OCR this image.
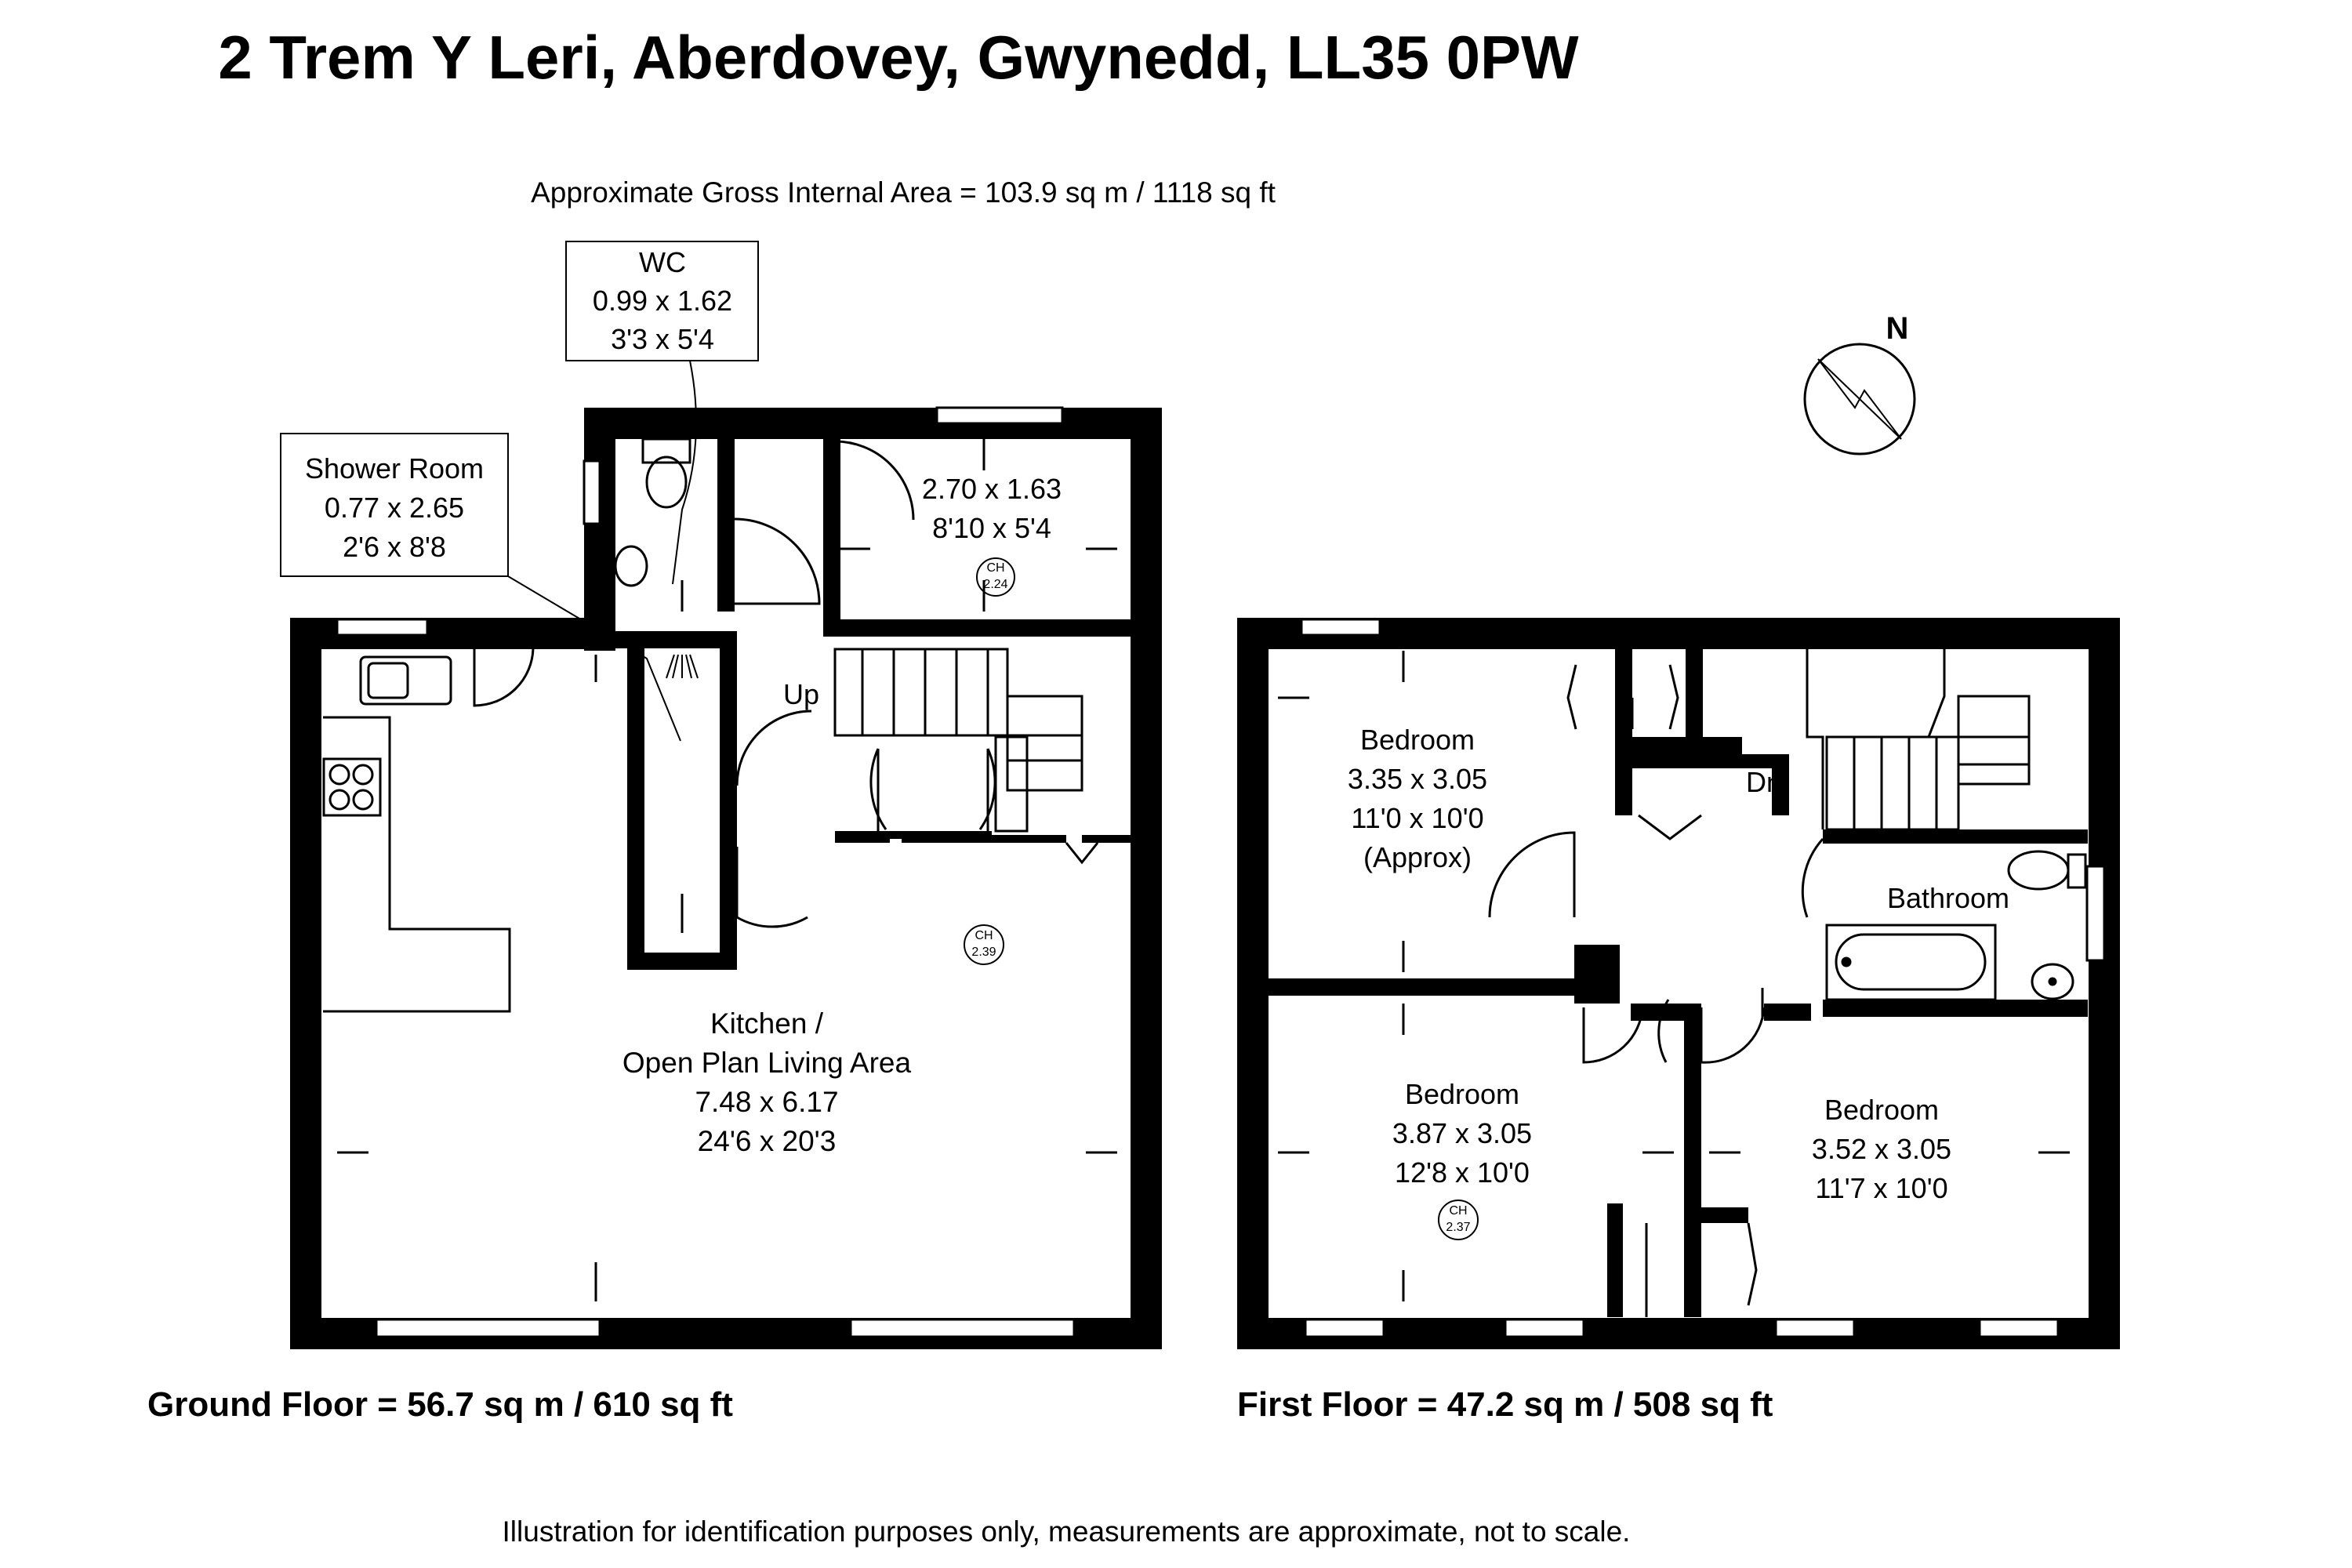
2 Trem Y Leri, Aberdovey, Gwynedd, LL35 0PW
Approximate Gross Internal Area = 103.9 sq m / 1118 sq ft
N
Up
2.70 x 1.63
8'10 x 5'4
CH
2.24
Kitchen /
Open Plan Living Area
7.48 x 6.17
24'6 x 20'3
CH
2.39
WC
0.99 x 1.62
3'3 x 5'4
Shower Room
0.77 x 2.65
2'6 x 8'8
Ground Floor = 56.7 sq m / 610 sq ft
Dn
Bedroom
3.35 x 3.05
11'0 x 10'0
(Approx)
Bedroom
3.87 x 3.05
12'8 x 10'0
CH
2.37
Bedroom
3.52 x 3.05
11'7 x 10'0
Bathroom
First Floor = 47.2 sq m / 508 sq ft
Illustration for identification purposes only, measurements are approximate, not to scale.
